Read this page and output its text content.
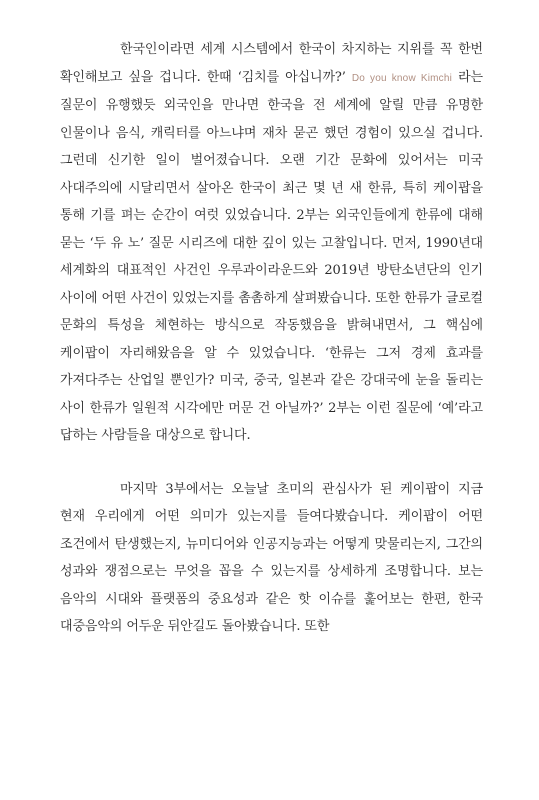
한국인이라면 세계 시스템에서 한국이 차지하는 지위를 꼭 한번 확인해보고 싶을 겁니다. 한때 ‘김치를 아십니까?’ Do you know Kimchi 라는 질문이 유행했듯 외국인을 만나면 한국을 전 세계에 알릴 만큼 유명한 인물이나 음식, 캐릭터를 아느냐며 재차 묻곤 했던 경험이 있으실 겁니다. 그런데 신기한 일이 벌어졌습니다. 오랜 기간 문화에 있어서는 미국 사대주의에 시달리면서 살아온 한국이 최근 몇 년 새 한류, 특히 케이팝을 통해 기를 펴는 순간이 여럿 있었습니다. 2부는 외국인들에게 한류에 대해 묻는 ‘두 유 노’ 질문 시리즈에 대한 깊이 있는 고찰입니다. 먼저, 1990년대 세계화의 대표적인 사건인 우루과이라운드와 2019년 방탄소년단의 인기 사이에 어떤 사건이 있었는지를 촘촘하게 살펴봤습니다. 또한 한류가 글로컬 문화의 특성을 체현하는 방식으로 작동했음을 밝혀내면서, 그 핵심에 케이팝이 자리해왔음을 알 수 있었습니다. ‘한류는 그저 경제 효과를 가져다주는 산업일 뿐인가? 미국, 중국, 일본과 같은 강대국에 눈을 돌리는 사이 한류가 일원적 시각에만 머문 건 아닐까?’ 2부는 이런 질문에 ‘예’라고 답하는 사람들을 대상으로 합니다.

마지막 3부에서는 오늘날 초미의 관심사가 된 케이팝이 지금 현재 우리에게 어떤 의미가 있는지를 들여다봤습니다. 케이팝이 어떤 조건에서 탄생했는지, 뉴미디어와 인공지능과는 어떻게 맞물리는지, 그간의 성과와 쟁점으로는 무엇을 꼽을 수 있는지를 상세하게 조명합니다. 보는 음악의 시대와 플랫폼의 중요성과 같은 핫 이슈를 훑어보는 한편, 한국 대중음악의 어두운 뒤안길도 돌아봤습니다. 또한
